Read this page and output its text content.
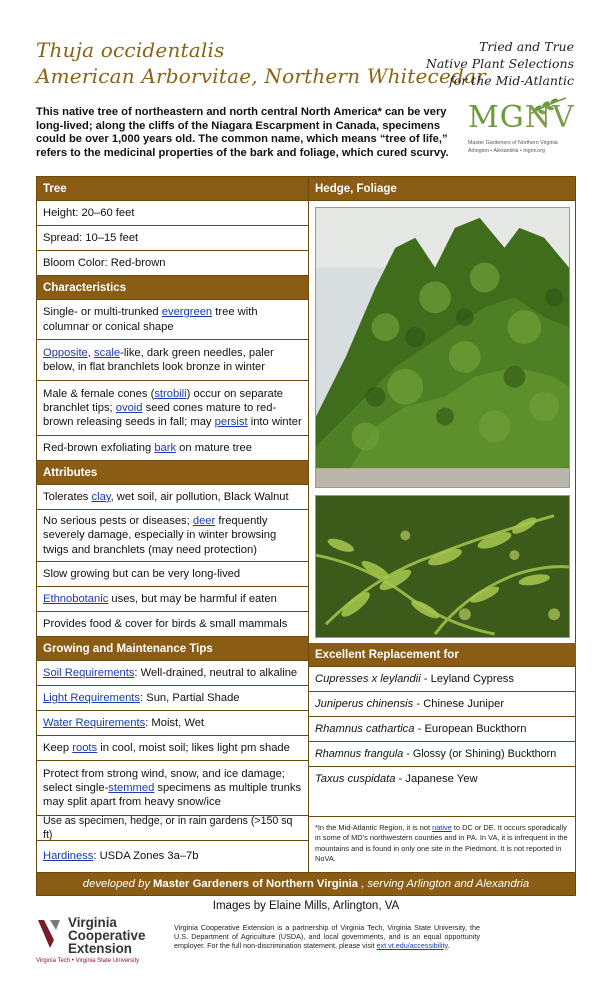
Thuja occidentalis
American Arborvitae, Northern Whitecedar
Tried and True
Native Plant Selections
for the Mid-Atlantic
This native tree of northeastern and north central North America* can be very long-lived; along the cliffs of the Niagara Escarpment in Canada, specimens could be over 1,000 years old. The common name, which means “tree of life,” refers to the medicinal properties of the bark and foliage, which cured scurvy.
MGNV
Master Gardeners of Northern Virginia
Arlington • Alexandria • mgnv.org
Tree
Height: 20–60 feet
Spread: 10–15 feet
Bloom Color: Red-brown
Characteristics
Single- or multi-trunked evergreen tree with columnar or conical shape
Opposite, scale-like, dark green needles, paler below, in flat branchlets look bronze in winter
Male & female cones (strobili) occur on separate branchlet tips; ovoid seed cones mature to red-brown releasing seeds in fall; may persist into winter
Red-brown exfoliating bark on mature tree
Attributes
Tolerates clay, wet soil, air pollution, Black Walnut
No serious pests or diseases; deer frequently severely damage, especially in winter browsing twigs and branchlets (may need protection)
Slow growing but can be very long-lived
Ethnobotanic uses, but may be harmful if eaten
Provides food & cover for birds & small mammals
Growing and Maintenance Tips
Soil Requirements: Well-drained, neutral to alkaline
Light Requirements: Sun, Partial Shade
Water Requirements: Moist, Wet
Keep roots in cool, moist soil; likes light pm shade
Protect from strong wind, snow, and ice damage; select single-stemmed specimens as multiple trunks may split apart from heavy snow/ice
Use as specimen, hedge, or in rain gardens (>150 sq ft)
Hardiness: USDA Zones 3a–7b
Hedge, Foliage
Excellent Replacement for
Cupresses x leylandii - Leyland Cypress
Juniperus chinensis - Chinese Juniper
Rhamnus cathartica - European Buckthorn
Rhamnus frangula - Glossy (or Shining) Buckthorn
Taxus cuspidata - Japanese Yew
*In the Mid-Atlantic Region, it is not native to DC or DE. It occurs sporadically in some of MD’s northwestern counties and in PA. In VA, it is infrequent in the mountains and is found in only one site in the Piedmont. It is not reported in NoVA.
developed by Master Gardeners of Northern Virginia , serving Arlington and Alexandria
Images by Elaine Mills, Arlington, VA
Virginia
Cooperative
Extension
Virginia Tech • Virginia State University
Virginia Cooperative Extension is a partnership of Virginia Tech, Virginia State University, the U.S. Department of Agriculture (USDA), and local governments, and is an equal opportunity employer. For the full non-discrimination statement, please visit ext.vt.edu/accessibility.
